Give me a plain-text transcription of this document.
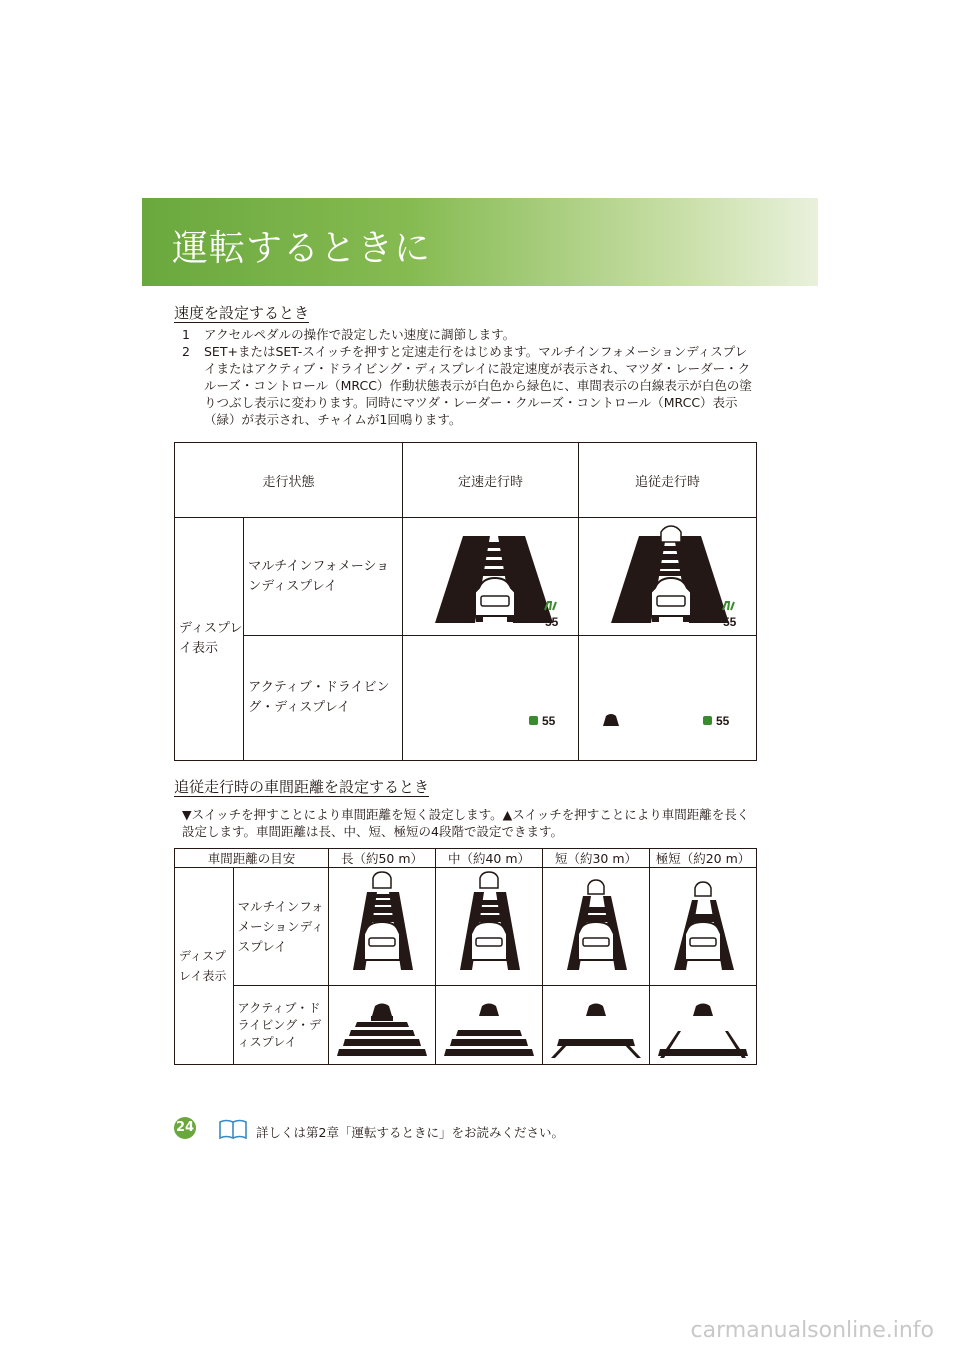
運転するときに
速度を設定するとき
1 アクセルペダルの操作で設定したい速度に調節します。
2	SET+またはSET-スイッチを押すと定速走行をはじめます。マルチインフォメーションディスプレイまたはアクティブ・ドライビング・ディスプレイに設定速度が表示され、マツダ・レーダー・クルーズ・コントロール（MRCC）作動状態表示が白色から緑色に、車間表示の白線表示が白色の塗りつぶし表示に変わります。同時にマツダ・レーダー・クルーズ・コントロール（MRCC）表示（緑）が表示され、チャイムが1回鳴ります。
走行状態		定速走行時	追従走行時
ディスプレイ表示	マルチインフォメーションディスプレイ	55	55

	アクティブ・ドライビング・ディスプレイ	55	55
追従走行時の車間距離を設定するとき
▼スイッチを押すことにより車間距離を短く設定します。▲スイッチを押すことにより車間距離を長く設定します。車間距離は長、中、短、極短の4段階で設定できます。
車間距離の目安		長（約50 m）	中（約40 m）	短（約30 m）	極短（約20 m）
ディスプレイ表示	マルチインフォメーションディスプレイ				
	アクティブ・ドライビング・ディスプレイ				
24	詳しくは第2章「運転するときに」をお読みください。
carmanualsonline.info
